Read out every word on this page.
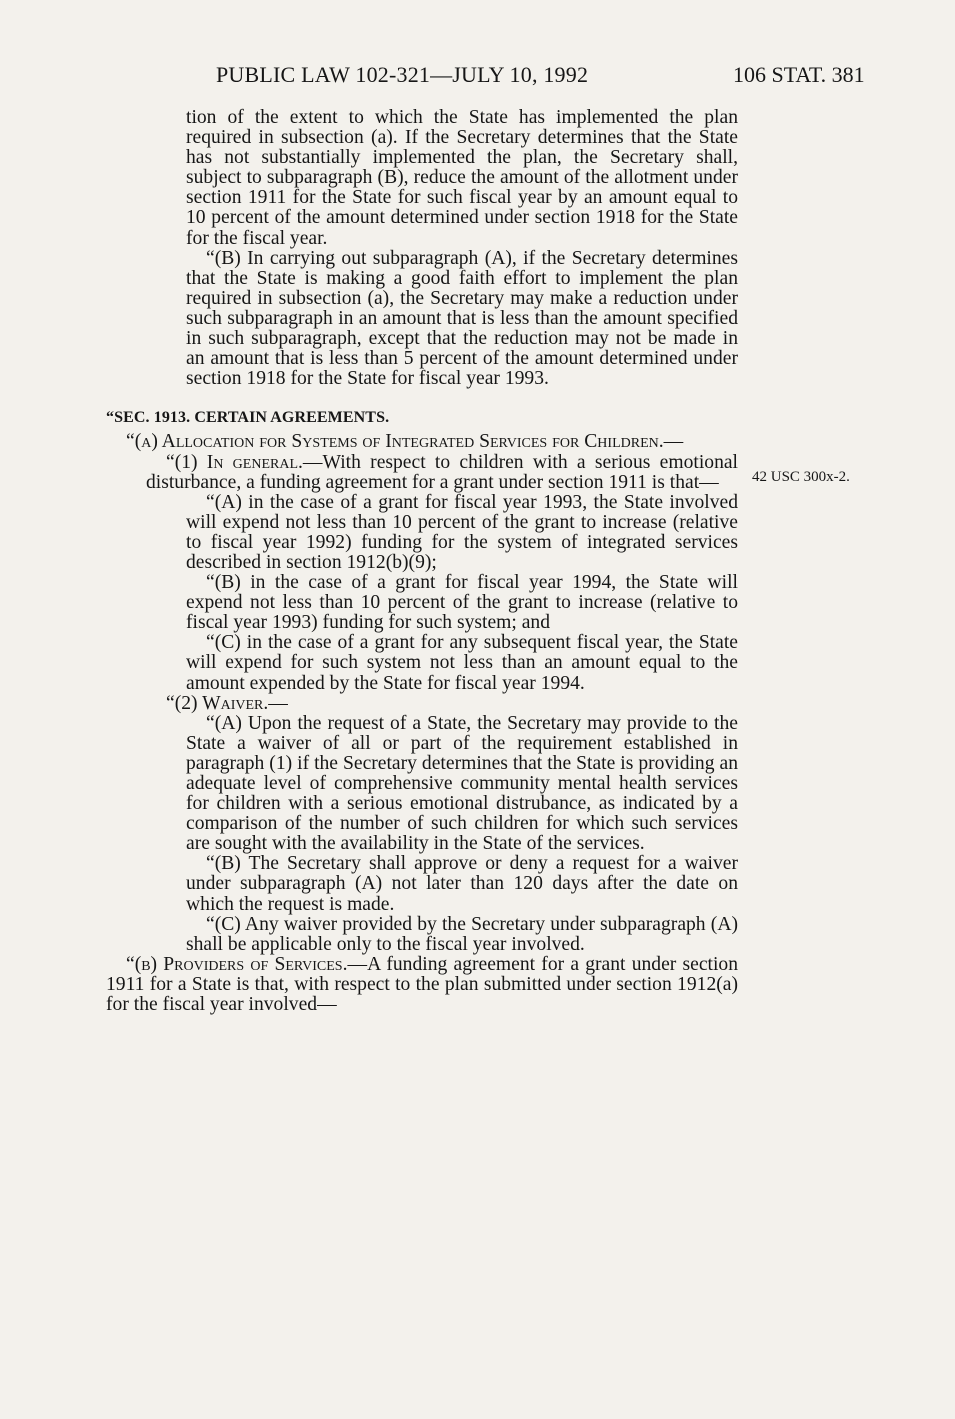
PUBLIC LAW 102-321—JULY 10, 1992	106 STAT. 381
42 USC 300x-2.

tion of the extent to which the State has implemented the plan required in subsection (a). If the Secretary determines that the State has not substantially implemented the plan, the Secretary shall, subject to subparagraph (B), reduce the amount of the allotment under section 1911 for the State for such fiscal year by an amount equal to 10 percent of the amount determined under section 1918 for the State for the fiscal year.

“(B) In carrying out subparagraph (A), if the Secretary determines that the State is making a good faith effort to implement the plan required in subsection (a), the Secretary may make a reduction under such subparagraph in an amount that is less than the amount specified in such subparagraph, except that the reduction may not be made in an amount that is less than 5 percent of the amount determined under section 1918 for the State for fiscal year 1993.

“SEC. 1913. CERTAIN AGREEMENTS.

“(a) Allocation for Systems of Integrated Services for Children.—

“(1) In general.—With respect to children with a serious emotional disturbance, a funding agreement for a grant under section 1911 is that—

“(A) in the case of a grant for fiscal year 1993, the State involved will expend not less than 10 percent of the grant to increase (relative to fiscal year 1992) funding for the system of integrated services described in section 1912(b)(9);

“(B) in the case of a grant for fiscal year 1994, the State will expend not less than 10 percent of the grant to increase (relative to fiscal year 1993) funding for such system; and

“(C) in the case of a grant for any subsequent fiscal year, the State will expend for such system not less than an amount equal to the amount expended by the State for fiscal year 1994.

“(2) Waiver.—

“(A) Upon the request of a State, the Secretary may provide to the State a waiver of all or part of the requirement established in paragraph (1) if the Secretary determines that the State is providing an adequate level of comprehensive community mental health services for children with a serious emotional distrubance, as indicated by a comparison of the number of such children for which such services are sought with the availability in the State of the services.

“(B) The Secretary shall approve or deny a request for a waiver under subparagraph (A) not later than 120 days after the date on which the request is made.

“(C) Any waiver provided by the Secretary under subparagraph (A) shall be applicable only to the fiscal year involved.

“(b) Providers of Services.—A funding agreement for a grant under section 1911 for a State is that, with respect to the plan submitted under section 1912(a) for the fiscal year involved—
